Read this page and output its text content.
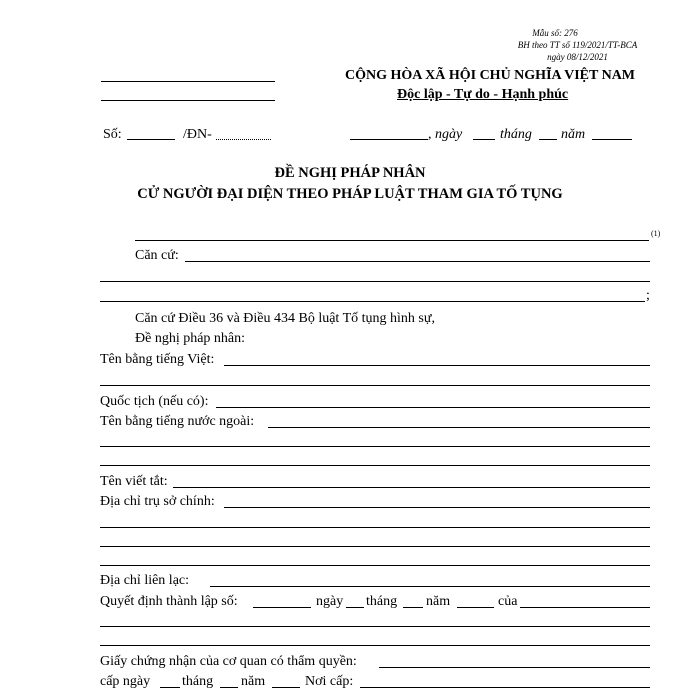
Mẫu số: 276
BH theo TT số 119/2021/TT-BCA
ngày 08/12/2021
CỘNG HÒA XÃ HỘI CHỦ NGHĨA VIỆT NAM
Độc lập - Tự do - Hạnh phúc
Số:	/ĐN-	, ngày	tháng năm
ĐỀ NGHỊ PHÁP NHÂN
CỬ NGƯỜI ĐẠI DIỆN THEO PHÁP LUẬT THAM GIA TỐ TỤNG
(1)
Căn cứ:
;
Căn cứ Điều 36 và Điều 434 Bộ luật Tố tụng hình sự,
Đề nghị pháp nhân:
Tên bằng tiếng Việt:
Quốc tịch (nếu có):
Tên bằng tiếng nước ngoài:
Tên viết tắt:
Địa chỉ trụ sở chính:
Địa chỉ liên lạc:
Quyết định thành lập số:	ngày tháng năm	của
Giấy chứng nhận của cơ quan có thẩm quyền:
cấp ngày tháng năm	Nơi cấp:
